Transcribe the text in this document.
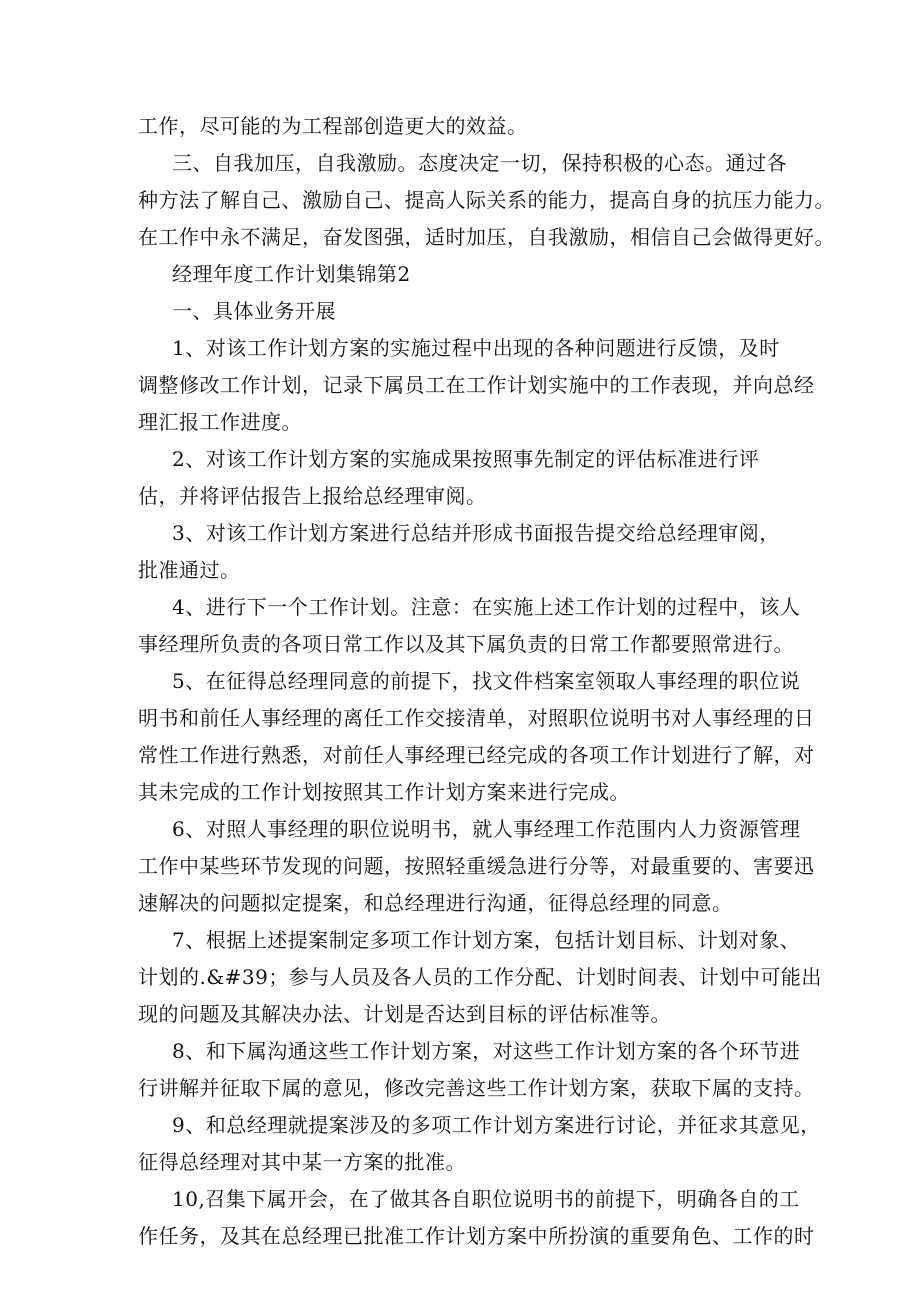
工作，尽可能的为工程部创造更大的效益。
三、自我加压，自我激励。态度决定一切，保持积极的心态。通过各
种方法了解自己、激励自己、提高人际关系的能力，提高自身的抗压力能力。
在工作中永不满足，奋发图强，适时加压，自我激励，相信自己会做得更好。
经理年度工作计划集锦第2
一、具体业务开展
1、对该工作计划方案的实施过程中出现的各种问题进行反馈，及时
调整修改工作计划，记录下属员工在工作计划实施中的工作表现，并向总经
理汇报工作进度。
2、对该工作计划方案的实施成果按照事先制定的评估标准进行评
估，并将评估报告上报给总经理审阅。
3、对该工作计划方案进行总结并形成书面报告提交给总经理审阅，
批准通过。
4、进行下一个工作计划。注意：在实施上述工作计划的过程中，该人
事经理所负责的各项日常工作以及其下属负责的日常工作都要照常进行。
5、在征得总经理同意的前提下，找文件档案室领取人事经理的职位说
明书和前任人事经理的离任工作交接清单，对照职位说明书对人事经理的日
常性工作进行熟悉，对前任人事经理已经完成的各项工作计划进行了解，对
其未完成的工作计划按照其工作计划方案来进行完成。
6、对照人事经理的职位说明书，就人事经理工作范围内人力资源管理
工作中某些环节发现的问题，按照轻重缓急进行分等，对最重要的、害要迅
速解决的问题拟定提案，和总经理进行沟通，征得总经理的同意。
7、根据上述提案制定多项工作计划方案，包括计划目标、计划对象、
计划的.&#39；参与人员及各人员的工作分配、计划时间表、计划中可能出
现的问题及其解决办法、计划是否达到目标的评估标准等。
8、和下属沟通这些工作计划方案，对这些工作计划方案的各个环节进
行讲解并征取下属的意见，修改完善这些工作计划方案，获取下属的支持。
9、和总经理就提案涉及的多项工作计划方案进行讨论，并征求其意见，
征得总经理对其中某一方案的批准。
10,召集下属开会，在了做其各自职位说明书的前提下，明确各自的工
作任务，及其在总经理已批准工作计划方案中所扮演的重要角色、工作的时
